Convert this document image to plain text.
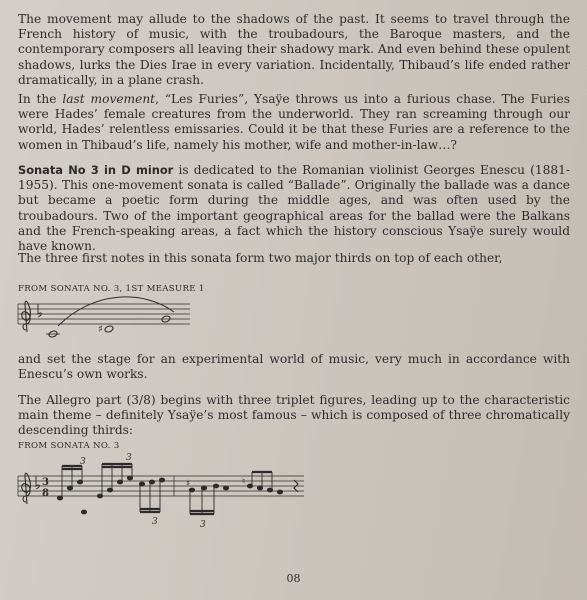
The movement may allude to the shadows of the past. It seems to travel through the French history of music, with the troubadours, the Baroque masters, and the contemporary composers all leaving their shadowy mark. And even behind these opulent shadows, lurks the Dies Irae in every variation. Incidentally, Thibaud’s life ended rather dramatically, in a plane crash.

In the last movement, “Les Furies”, Ysaÿe throws us into a furious chase. The Furies were Hades’ female creatures from the underworld. They ran screaming through our world, Hades’ relentless emissaries. Could it be that these Furies are a reference to the women in Thibaud’s life, namely his mother, wife and mother-in-law…?

Sonata No 3 in D minor is dedicated to the Romanian violinist Georges Enescu (1881-1955). This one-movement sonata is called “Ballade”. Originally the ballade was a dance but became a poetic form during the middle ages, and was often used by the troubadours. Two of the important geographical areas for the ballad were the Balkans and the French-speaking areas, a fact which the history conscious Ysaÿe surely would have known.

The three first notes in this sonata form two major thirds on top of each other,

FROM SONATA NO. 3, 1ST MEASURE 1
♯

and set the stage for an experimental world of music, very much in accordance with Enescu’s own works.

The Allegro part (3/8) begins with three triplet figures, leading up to the characteristic main theme – definitely Ysaÿe’s most famous – which is composed of three chromatically descending thirds:

FROM SONATA NO. 3
3
8
3	3
3
♯	♮
3
08
